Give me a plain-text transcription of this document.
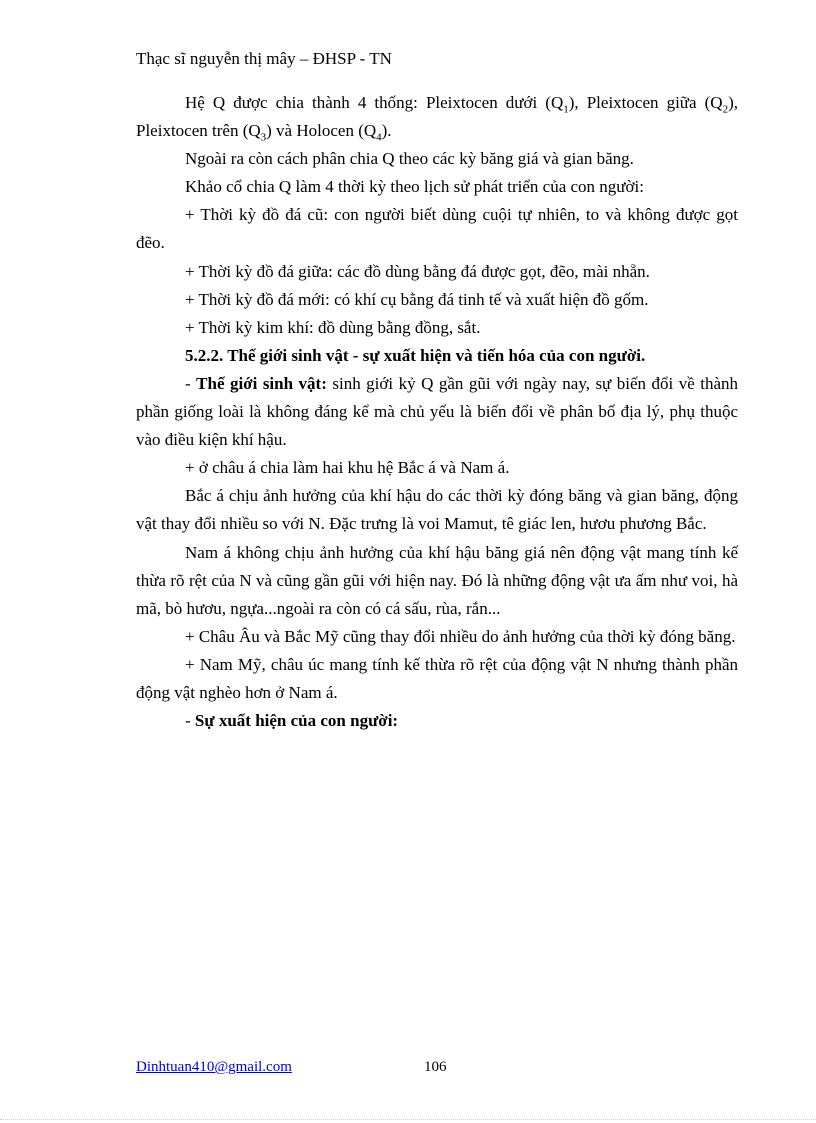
Thạc sĩ nguyễn thị mây – ĐHSP - TN

Hệ Q được chia thành 4 thống: Pleixtocen dưới $(Q_1)$, Pleixtocen giữa $(Q_2)$, Pleixtocen trên $(Q_3)$ và Holocen $(Q_4)$.

Ngoài ra còn cách phân chia Q theo các kỳ băng giá và gian băng.

Khảo cổ chia Q làm 4 thời kỳ theo lịch sử phát triển của con người:

+ Thời kỳ đồ đá cũ: con người biết dùng cuội tự nhiên, to và không được gọt đẽo.

+ Thời kỳ đồ đá giữa: các đồ dùng bằng đá được gọt, đẽo, mài nhẵn.

+ Thời kỳ đồ đá mới: có khí cụ bằng đá tinh tế và xuất hiện đồ gốm.

+ Thời kỳ kim khí: đồ dùng bằng đồng, sắt.

5.2.2. Thế giới sinh vật - sự xuất hiện và tiến hóa của con người.

- Thế giới sinh vật: sinh giới kỷ Q gần gũi với ngày nay, sự biến đổi về thành phần giống loài là không đáng kể mà chủ yếu là biến đổi về phân bố địa lý, phụ thuộc vào điều kiện khí hậu.

+ ở châu á chia làm hai khu hệ Bắc á và Nam á.

Bắc á chịu ảnh hưởng của khí hậu do các thời kỳ đóng băng và gian băng, động vật thay đổi nhiều so với N. Đặc trưng là voi Mamut, tê giác len, hươu phương Bắc.

Nam á không chịu ảnh hưởng của khí hậu băng giá nên động vật mang tính kế thừa rõ rệt của N và cũng gần gũi với hiện nay. Đó là những động vật ưa ấm như voi, hà mã, bò hươu, ngựa...ngoài ra còn có cá sấu, rùa, rắn...

+ Châu Âu và Bắc Mỹ cũng thay đổi nhiều do ảnh hưởng của thời kỳ đóng băng.

+ Nam Mỹ, châu úc mang tính kế thừa rõ rệt của động vật N nhưng thành phần động vật nghèo hơn ở Nam á.

- Sự xuất hiện của con người:

Dinhtuan410@gmail.com	106
